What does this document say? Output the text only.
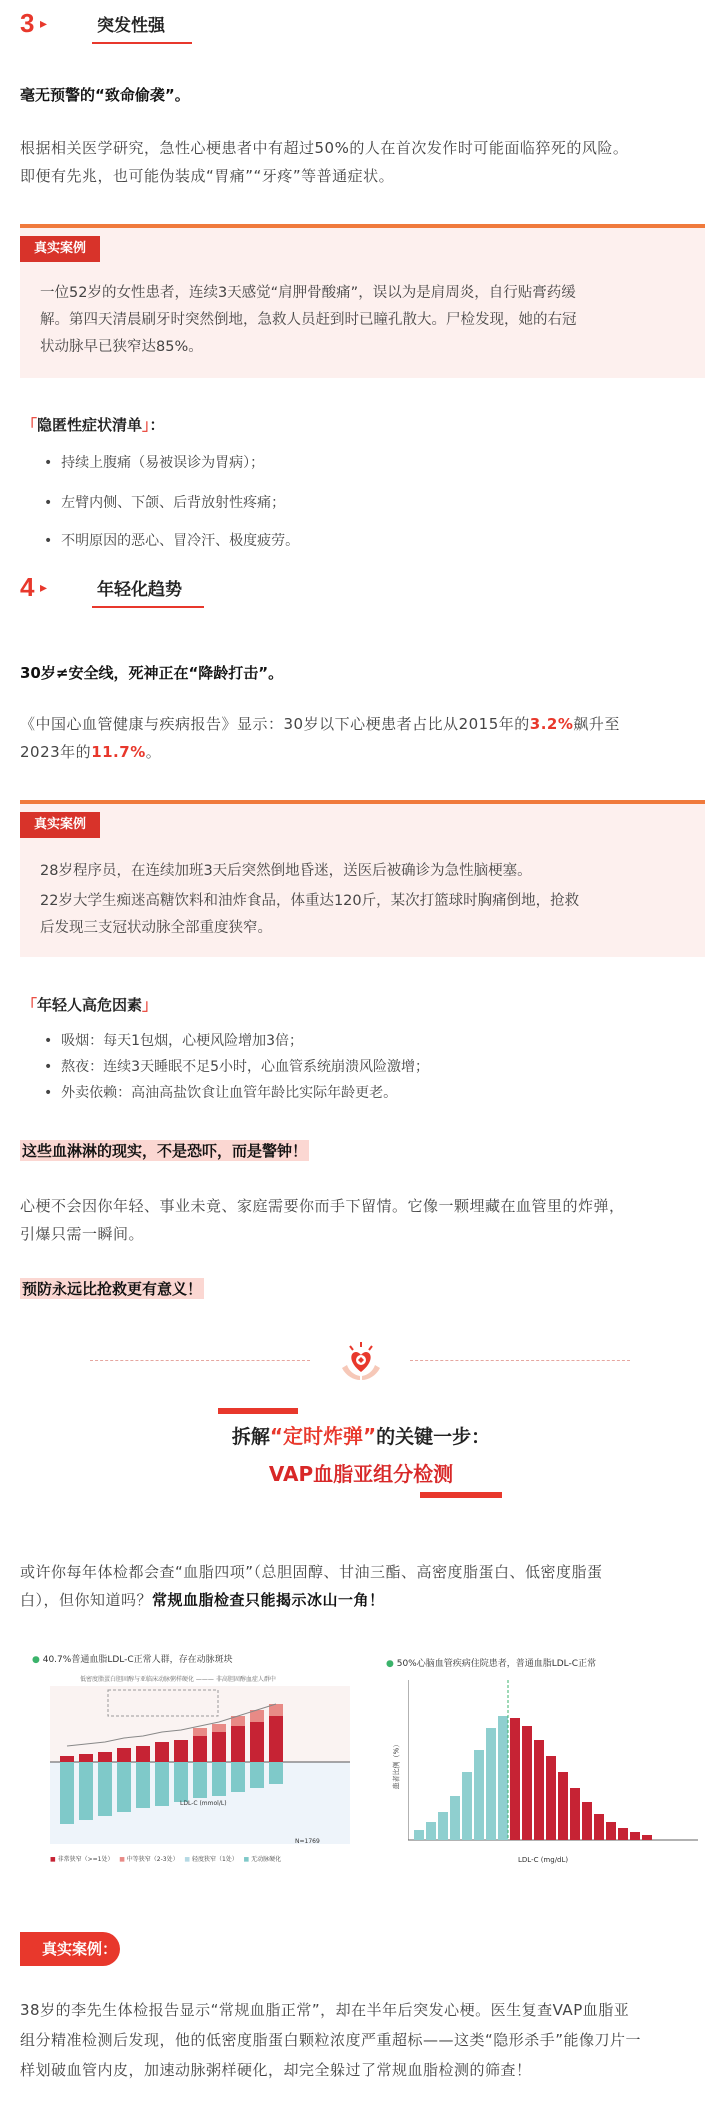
3 ▸	突发性强
毫无预警的“致命偷袭”。
根据相关医学研究，急性心梗患者中有超过50%的人在首次发作时可能面临猝死的风险。
即便有先兆，也可能伪装成“胃痛”“牙疼”等普通症状。
真实案例
一位52岁的女性患者，连续3天感觉“肩胛骨酸痛”，误以为是肩周炎，自行贴膏药缓
解。第四天清晨刷牙时突然倒地，急救人员赶到时已瞳孔散大。尸检发现，她的右冠
状动脉早已狭窄达85%。
「隐匿性症状清单」：
•  持续上腹痛（易被误诊为胃病）；
•  左臂内侧、下颌、后背放射性疼痛；
•  不明原因的恶心、冒冷汗、极度疲劳。
4 ▸	年轻化趋势
30岁≠安全线，死神正在“降龄打击”。
《中国心血管健康与疾病报告》显示：30岁以下心梗患者占比从2015年的3.2%飙升至
2023年的11.7%。
真实案例
28岁程序员，在连续加班3天后突然倒地昏迷，送医后被确诊为急性脑梗塞。
22岁大学生痴迷高糖饮料和油炸食品，体重达120斤，某次打篮球时胸痛倒地，抢救
后发现三支冠状动脉全部重度狭窄。
「年轻人高危因素」
•  吸烟：每天1包烟，心梗风险增加3倍；
•  熬夜：连续3天睡眠不足5小时，心血管系统崩溃风险激增；
•  外卖依赖：高油高盐饮食让血管年龄比实际年龄更老。
这些血淋淋的现实，不是恐吓，而是警钟！
心梗不会因你年轻、事业未竟、家庭需要你而手下留情。它像一颗埋藏在血管里的炸弹，
引爆只需一瞬间。
预防永远比抢救更有意义！
拆解“定时炸弹”的关键一步：
VAP血脂亚组分检测
或许你每年体检都会查“血脂四项”（总胆固醇、甘油三酯、高密度脂蛋白、低密度脂蛋
白），但你知道吗？常规血脂检查只能揭示冰山一角！
● 40.7%普通血脂LDL-C正常人群，存在动脉斑块
低密度脂蛋白胆固醇与亚临床动脉粥样硬化 ——— 非高胆固醇血症人群中
LDL-C (mmol/L)
N=1769
■ 非常狭窄（>=1处） ■ 中等狭窄（2-3处） ■ 轻度狭窄（1处） ■ 无动脉硬化
● 50%心脑血管疾病住院患者，普通血脂LDL-C正常
患者比例（%）
LDL-C (mg/dL)
真实案例：
38岁的李先生体检报告显示“常规血脂正常”，却在半年后突发心梗。医生复查VAP血脂亚
组分精准检测后发现，他的低密度脂蛋白颗粒浓度严重超标——这类“隐形杀手”能像刀片一
样划破血管内皮，加速动脉粥样硬化，却完全躲过了常规血脂检测的筛查！
